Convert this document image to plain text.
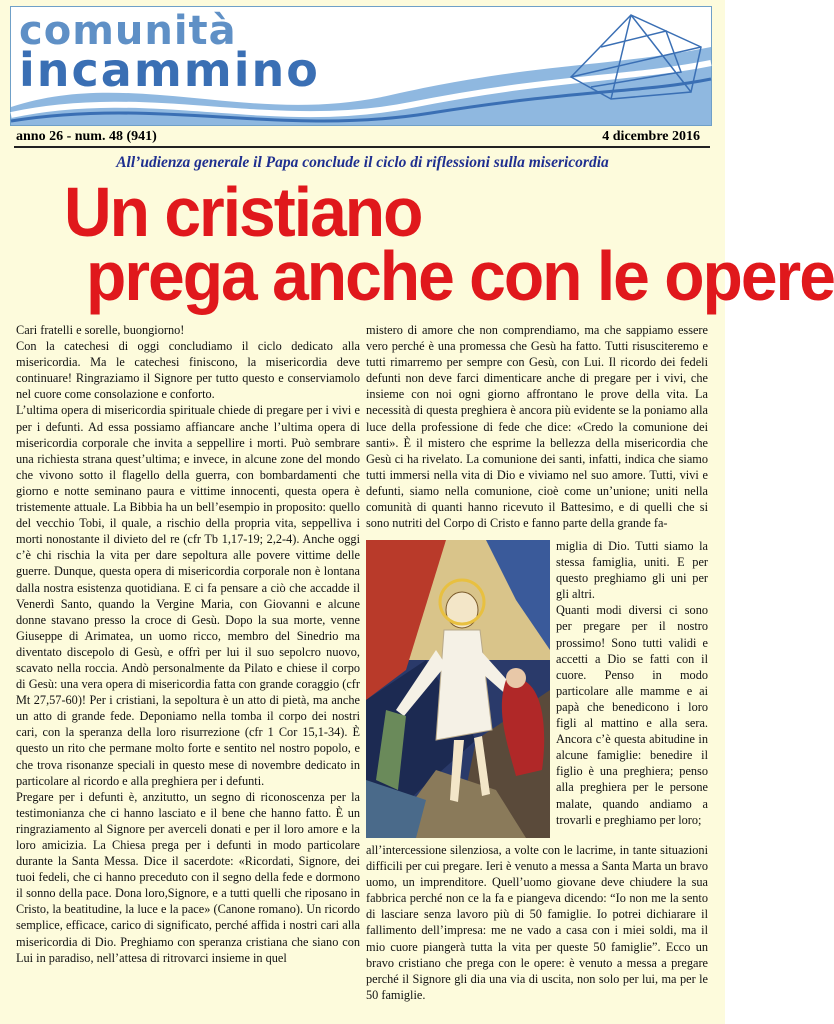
comunità
incammino
anno 26 - num. 48 (941)	4 dicembre 2016
All’udienza generale il Papa conclude il ciclo di riflessioni sulla misericordia
Un cristiano
prega anche con le opere

Cari fratelli e sorelle, buongiorno!

Con la catechesi di oggi concludiamo il ciclo dedicato alla misericordia. Ma le catechesi finiscono, la misericordia deve continuare! Ringraziamo il Signore per tutto questo e conserviamolo nel cuore come consolazione e conforto.

L’ultima opera di misericordia spirituale chiede di pregare per i vivi e per i defunti. Ad essa possiamo affiancare anche l’ultima opera di misericordia corporale che invita a seppellire i morti. Può sembrare una richiesta strana quest’ultima; e invece, in alcune zone del mondo che vivono sotto il flagello della guerra, con bombardamenti che giorno e notte seminano paura e vittime innocenti, questa opera è tristemente attuale. La Bibbia ha un bell’esempio in proposito: quello del vecchio Tobi, il quale, a rischio della propria vita, seppelliva i morti nonostante il divieto del re (cfr Tb 1,17-19; 2,2-4). Anche oggi c’è chi rischia la vita per dare sepoltura alle povere vittime delle guerre. Dunque, questa opera di misericordia corporale non è lontana dalla nostra esistenza quotidiana. E ci fa pensare a ciò che accadde il Venerdì Santo, quando la Vergine Maria, con Giovanni e alcune donne stavano presso la croce di Gesù. Dopo la sua morte, venne Giuseppe di Arimatea, un uomo ricco, membro del Sinedrio ma diventato discepolo di Gesù, e offrì per lui il suo sepolcro nuovo, scavato nella roccia. Andò personalmente da Pilato e chiese il corpo di Gesù: una vera opera di misericordia fatta con grande coraggio (cfr Mt 27,57-60)! Per i cristiani, la sepoltura è un atto di pietà, ma anche un atto di grande fede. Deponiamo nella tomba il corpo dei nostri cari, con la speranza della loro risurrezione (cfr 1 Cor 15,1-34). È questo un rito che permane molto forte e sentito nel nostro popolo, e che trova risonanze speciali in questo mese di novembre dedicato in particolare al ricordo e alla preghiera per i defunti.

Pregare per i defunti è, anzitutto, un segno di riconoscenza per la testimonianza che ci hanno lasciato e il bene che hanno fatto. È un ringraziamento al Signore per averceli donati e per il loro amore e la loro amicizia. La Chiesa prega per i defunti in modo particolare durante la Santa Messa. Dice il sacerdote: «Ricordati, Signore, dei tuoi fedeli, che ci hanno preceduto con il segno della fede e dormono il sonno della pace. Dona loro,Signore, e a tutti quelli che riposano in Cristo, la beatitudine, la luce e la pace» (Canone romano). Un ricordo semplice, efficace, carico di significato, perché affida i nostri cari alla misericordia di Dio. Preghiamo con speranza cristiana che siano con Lui in paradiso, nell’attesa di ritrovarci insieme in quel

mistero di amore che non comprendiamo, ma che sappiamo essere vero perché è una promessa che Gesù ha fatto. Tutti risusciteremo e tutti rimarremo per sempre con Gesù, con Lui. Il ricordo dei fedeli defunti non deve farci dimenticare anche di pregare per i vivi, che insieme con noi ogni giorno affrontano le prove della vita. La necessità di questa preghiera è ancora più evidente se la poniamo alla luce della professione di fede che dice: «Credo la comunione dei santi». È il mistero che esprime la bellezza della misericordia che Gesù ci ha rivelato. La comunione dei santi, infatti, indica che siamo tutti immersi nella vita di Dio e viviamo nel suo amore. Tutti, vivi e defunti, siamo nella comunione, cioè come un’unione; uniti nella comunità di quanti hanno ricevuto il Battesimo, e di quelli che si sono nutriti del Corpo di Cristo e fanno parte della grande fa-

miglia di Dio. Tutti siamo la stessa famiglia, uniti. E per questo preghiamo gli uni per gli altri.

Quanti modi diversi ci sono per pregare per il nostro prossimo! Sono tutti validi e accetti a Dio se fatti con il cuore. Penso in modo particolare alle mamme e ai papà che benedicono i loro figli al mattino e alla sera. Ancora c’è questa abitudine in alcune famiglie: benedire il figlio è una preghiera; penso alla preghiera per le persone malate, quando andiamo a trovarli e preghiamo per loro;

all’intercessione silenziosa, a volte con le lacrime, in tante situazioni difficili per cui pregare. Ieri è venuto a messa a Santa Marta un bravo uomo, un imprenditore. Quell’uomo giovane deve chiudere la sua fabbrica perché non ce la fa e piangeva dicendo: “Io non me la sento di lasciare senza lavoro più di 50 famiglie. Io potrei dichiarare il fallimento dell’impresa: me ne vado a casa con i miei soldi, ma il mio cuore piangerà tutta la vita per queste 50 famiglie”. Ecco un bravo cristiano che prega con le opere: è venuto a messa a pregare perché il Signore gli dia una via di uscita, non solo per lui, ma per le 50 famiglie.
